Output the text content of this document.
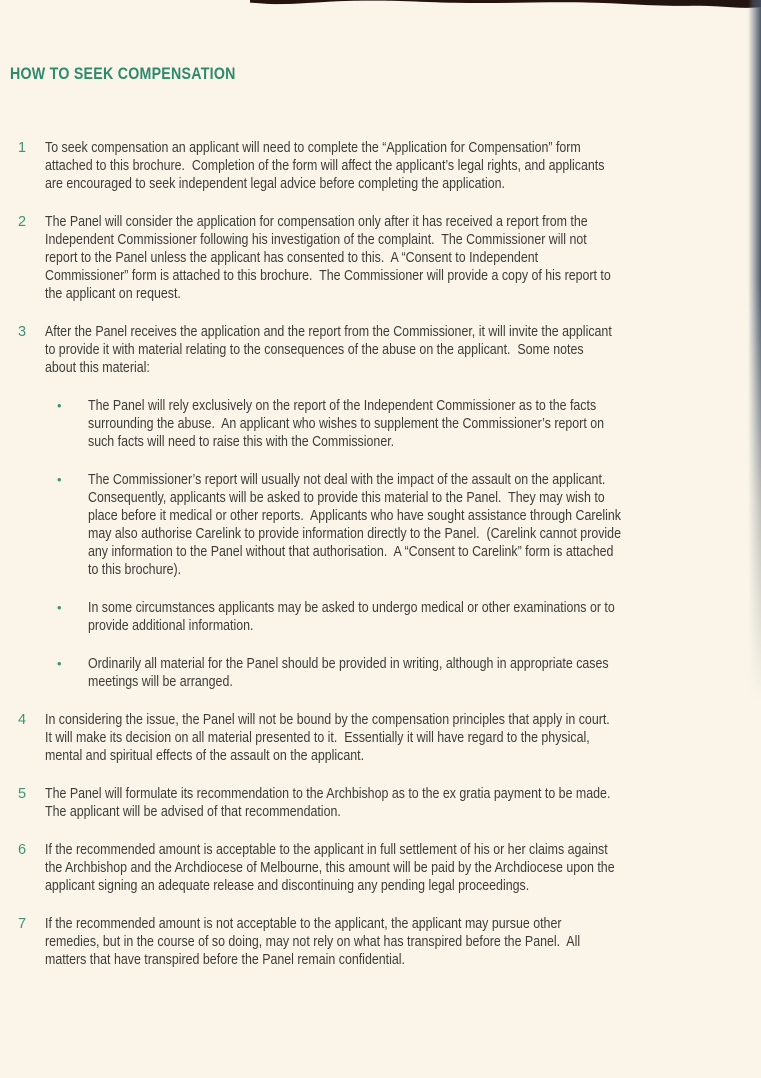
HOW TO SEEK COMPENSATION
1	To seek compensation an applicant will need to complete the “Application for Compensation” form
attached to this brochure.  Completion of the form will affect the applicant’s legal rights, and applicants
are encouraged to seek independent legal advice before completing the application.
2	The Panel will consider the application for compensation only after it has received a report from the
Independent Commissioner following his investigation of the complaint.  The Commissioner will not
report to the Panel unless the applicant has consented to this.  A “Consent to Independent
Commissioner” form is attached to this brochure.  The Commissioner will provide a copy of his report to
the applicant on request.
3	After the Panel receives the application and the report from the Commissioner, it will invite the applicant
to provide it with material relating to the consequences of the abuse on the applicant.  Some notes
about this material:
•	The Panel will rely exclusively on the report of the Independent Commissioner as to the facts
surrounding the abuse.  An applicant who wishes to supplement the Commissioner’s report on
such facts will need to raise this with the Commissioner.
•	The Commissioner’s report will usually not deal with the impact of the assault on the applicant.
Consequently, applicants will be asked to provide this material to the Panel.  They may wish to
place before it medical or other reports.  Applicants who have sought assistance through Carelink
may also authorise Carelink to provide information directly to the Panel.  (Carelink cannot provide
any information to the Panel without that authorisation.  A “Consent to Carelink” form is attached
to this brochure).
•	In some circumstances applicants may be asked to undergo medical or other examinations or to
provide additional information.
•	Ordinarily all material for the Panel should be provided in writing, although in appropriate cases
meetings will be arranged.
4	In considering the issue, the Panel will not be bound by the compensation principles that apply in court.
It will make its decision on all material presented to it.  Essentially it will have regard to the physical,
mental and spiritual effects of the assault on the applicant.
5	The Panel will formulate its recommendation to the Archbishop as to the ex gratia payment to be made.
The applicant will be advised of that recommendation.
6	If the recommended amount is acceptable to the applicant in full settlement of his or her claims against
the Archbishop and the Archdiocese of Melbourne, this amount will be paid by the Archdiocese upon the
applicant signing an adequate release and discontinuing any pending legal proceedings.
7	If the recommended amount is not acceptable to the applicant, the applicant may pursue other
remedies, but in the course of so doing, may not rely on what has transpired before the Panel.  All
matters that have transpired before the Panel remain confidential.
